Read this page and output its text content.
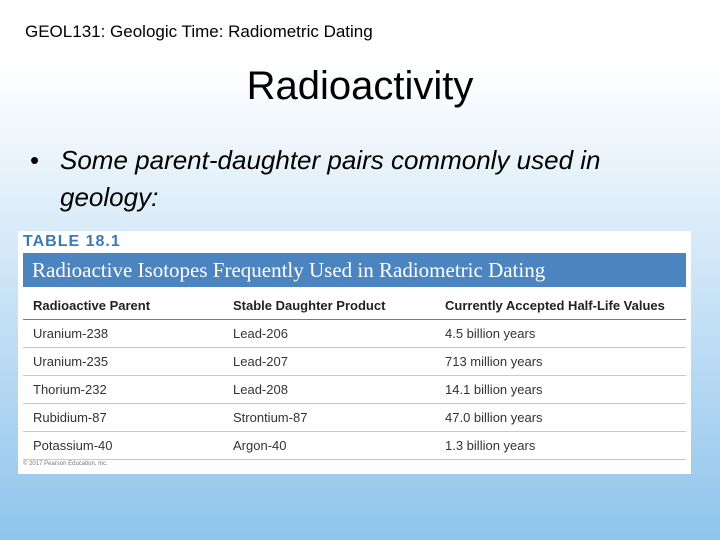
GEOL131: Geologic Time: Radiometric Dating
Radioactivity
• Some parent-daughter pairs commonly used in geology:
TABLE 18.1
Radioactive Isotopes Frequently Used in Radiometric Dating
Radioactive Parent	Stable Daughter Product	Currently Accepted Half-Life Values
Uranium-238	Lead-206	4.5 billion years
Uranium-235	Lead-207	713 million years
Thorium-232	Lead-208	14.1 billion years
Rubidium-87	Strontium-87	47.0 billion years
Potassium-40	Argon-40	1.3 billion years
© 2017 Pearson Education, Inc.
